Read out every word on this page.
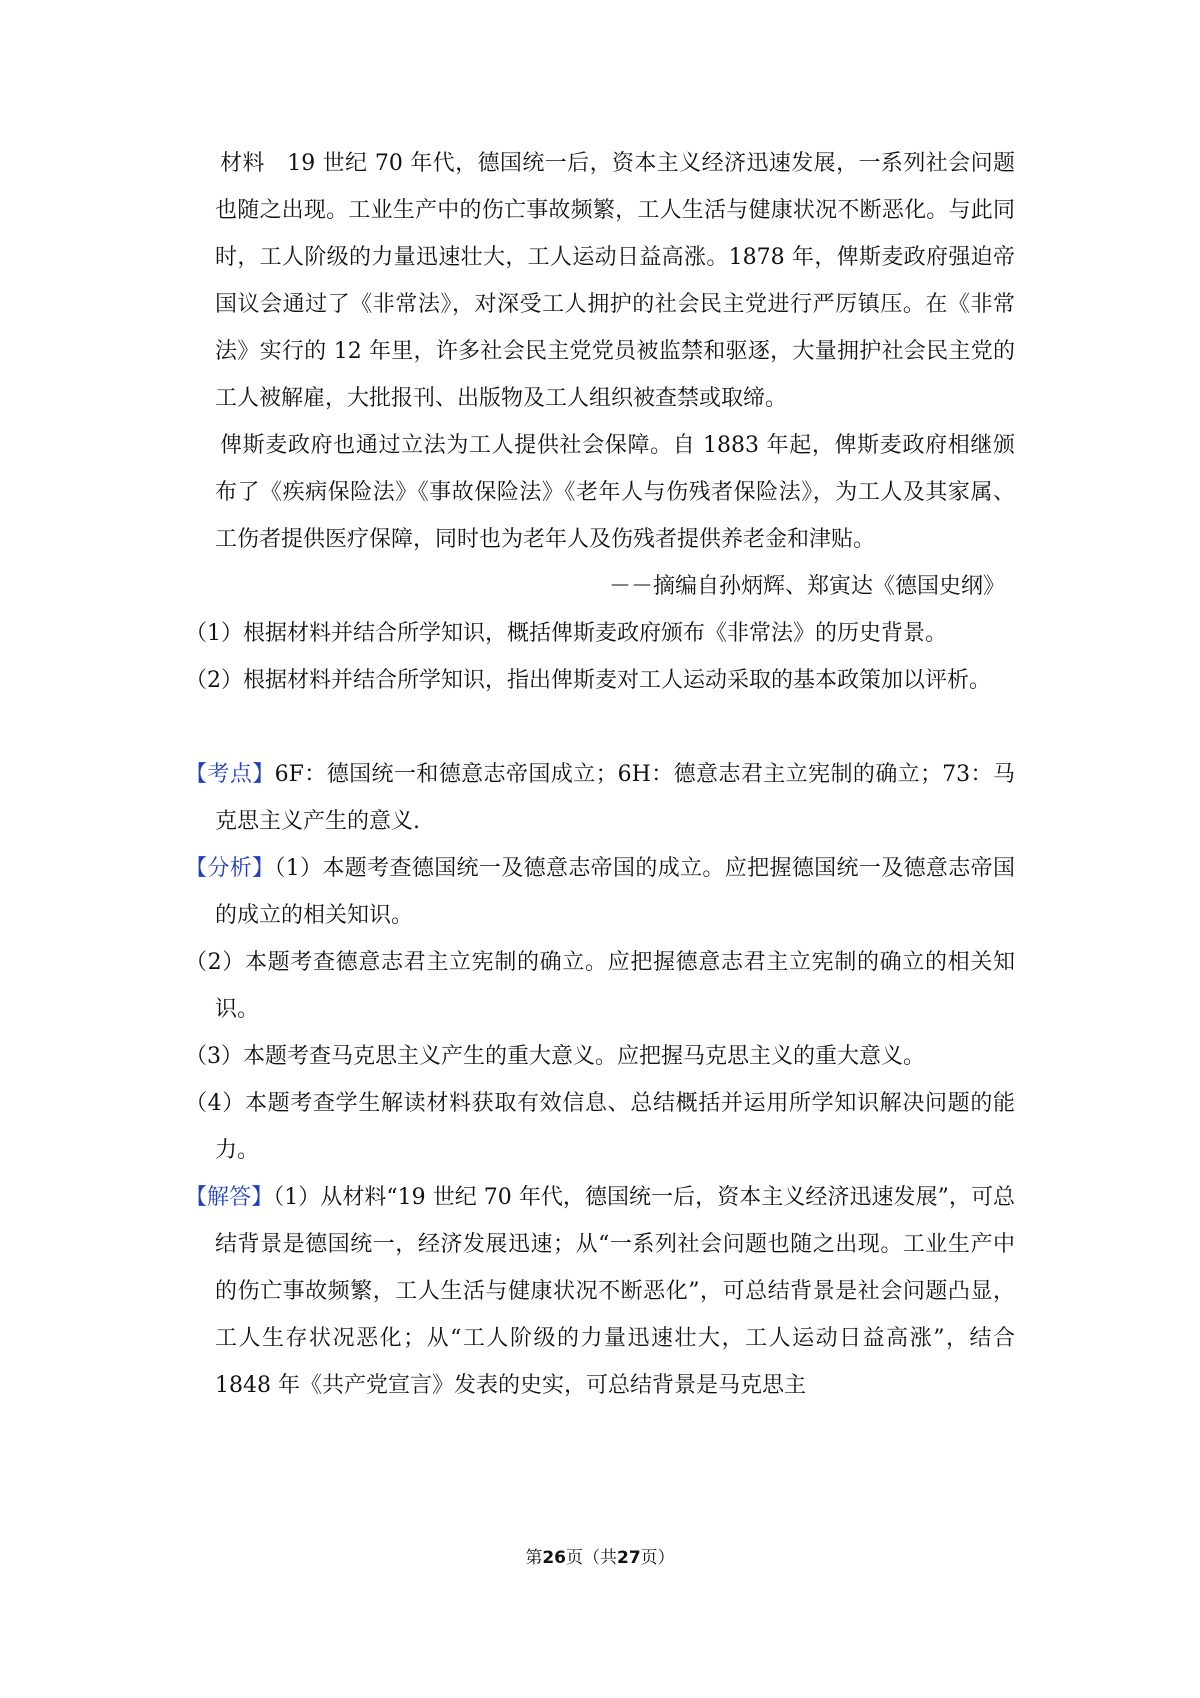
材料　19 世纪 70 年代，德国统一后，资本主义经济迅速发展，一系列社会问题也随之出现。工业生产中的伤亡事故频繁，工人生活与健康状况不断恶化。与此同时，工人阶级的力量迅速壮大，工人运动日益高涨。1878 年，俾斯麦政府强迫帝国议会通过了《非常法》，对深受工人拥护的社会民主党进行严厉镇压。在《非常法》实行的 12 年里，许多社会民主党党员被监禁和驱逐，大量拥护社会民主党的工人被解雇，大批报刊、出版物及工人组织被查禁或取缔。
俾斯麦政府也通过立法为工人提供社会保障。自 1883 年起，俾斯麦政府相继颁布了《疾病保险法》《事故保险法》《老年人与伤残者保险法》，为工人及其家属、工伤者提供医疗保障，同时也为老年人及伤残者提供养老金和津贴。
－－摘编自孙炳辉、郑寅达《德国史纲》
（1）根据材料并结合所学知识，概括俾斯麦政府颁布《非常法》的历史背景。
（2）根据材料并结合所学知识，指出俾斯麦对工人运动采取的基本政策加以评析。
【考点】6F：德国统一和德意志帝国成立；6H：德意志君主立宪制的确立；73：马克思主义产生的意义.
【分析】（1）本题考查德国统一及德意志帝国的成立。应把握德国统一及德意志帝国的成立的相关知识。
（2）本题考查德意志君主立宪制的确立。应把握德意志君主立宪制的确立的相关知识。
（3）本题考查马克思主义产生的重大意义。应把握马克思主义的重大意义。
（4）本题考查学生解读材料获取有效信息、总结概括并运用所学知识解决问题的能力。
【解答】（1）从材料“19 世纪 70 年代，德国统一后，资本主义经济迅速发展”，可总结背景是德国统一，经济发展迅速；从“一系列社会问题也随之出现。工业生产中的伤亡事故频繁，工人生活与健康状况不断恶化”，可总结背景是社会问题凸显，工人生存状况恶化；从“工人阶级的力量迅速壮大，工人运动日益高涨”，结合 1848 年《共产党宣言》发表的史实，可总结背景是马克思主
第26页（共27页）
